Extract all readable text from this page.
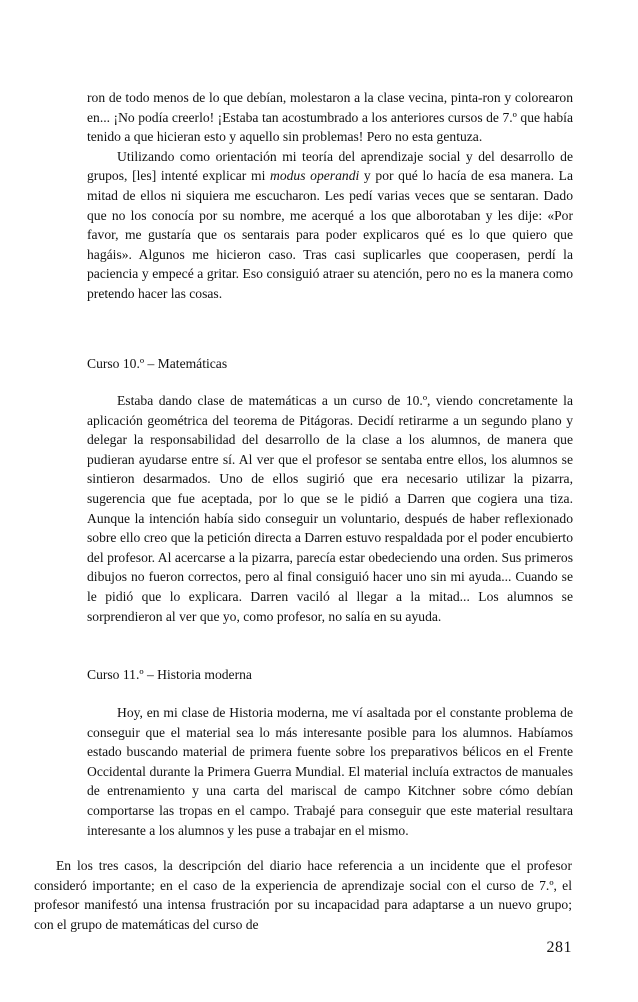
ron de todo menos de lo que debían, molestaron a la clase vecina, pinta-ron y colorearon en... ¡No podía creerlo! ¡Estaba tan acostumbrado a los anteriores cursos de 7.º que había tenido a que hicieran esto y aquello sin problemas! Pero no esta gentuza.

Utilizando como orientación mi teoría del aprendizaje social y del desarrollo de grupos, [les] intenté explicar mi modus operandi y por qué lo hacía de esa manera. La mitad de ellos ni siquiera me escucharon. Les pedí varias veces que se sentaran. Dado que no los conocía por su nombre, me acerqué a los que alborotaban y les dije: «Por favor, me gustaría que os sentarais para poder explicaros qué es lo que quiero que hagáis». Algunos me hicieron caso. Tras casi suplicarles que cooperasen, perdí la paciencia y empecé a gritar. Eso consiguió atraer su atención, pero no es la manera como pretendo hacer las cosas.

Curso 10.º – Matemáticas

Estaba dando clase de matemáticas a un curso de 10.º, viendo concretamente la aplicación geométrica del teorema de Pitágoras. Decidí retirarme a un segundo plano y delegar la responsabilidad del desarrollo de la clase a los alumnos, de manera que pudieran ayudarse entre sí. Al ver que el profesor se sentaba entre ellos, los alumnos se sintieron desarmados. Uno de ellos sugirió que era necesario utilizar la pizarra, sugerencia que fue aceptada, por lo que se le pidió a Darren que cogiera una tiza. Aunque la intención había sido conseguir un voluntario, después de haber reflexionado sobre ello creo que la petición directa a Darren estuvo respaldada por el poder encubierto del profesor. Al acercarse a la pizarra, parecía estar obedeciendo una orden. Sus primeros dibujos no fueron correctos, pero al final consiguió hacer uno sin mi ayuda... Cuando se le pidió que lo explicara. Darren vaciló al llegar a la mitad... Los alumnos se sorprendieron al ver que yo, como profesor, no salía en su ayuda.

Curso 11.º – Historia moderna

Hoy, en mi clase de Historia moderna, me ví asaltada por el constante problema de conseguir que el material sea lo más interesante posible para los alumnos. Habíamos estado buscando material de primera fuente sobre los preparativos bélicos en el Frente Occidental durante la Primera Guerra Mundial. El material incluía extractos de manuales de entrenamiento y una carta del mariscal de campo Kitchner sobre cómo debían comportarse las tropas en el campo. Trabajé para conseguir que este material resultara interesante a los alumnos y les puse a trabajar en el mismo.

En los tres casos, la descripción del diario hace referencia a un incidente que el profesor consideró importante; en el caso de la experiencia de aprendizaje social con el curso de 7.º, el profesor manifestó una intensa frustración por su incapacidad para adaptarse a un nuevo grupo; con el grupo de matemáticas del curso de

281
